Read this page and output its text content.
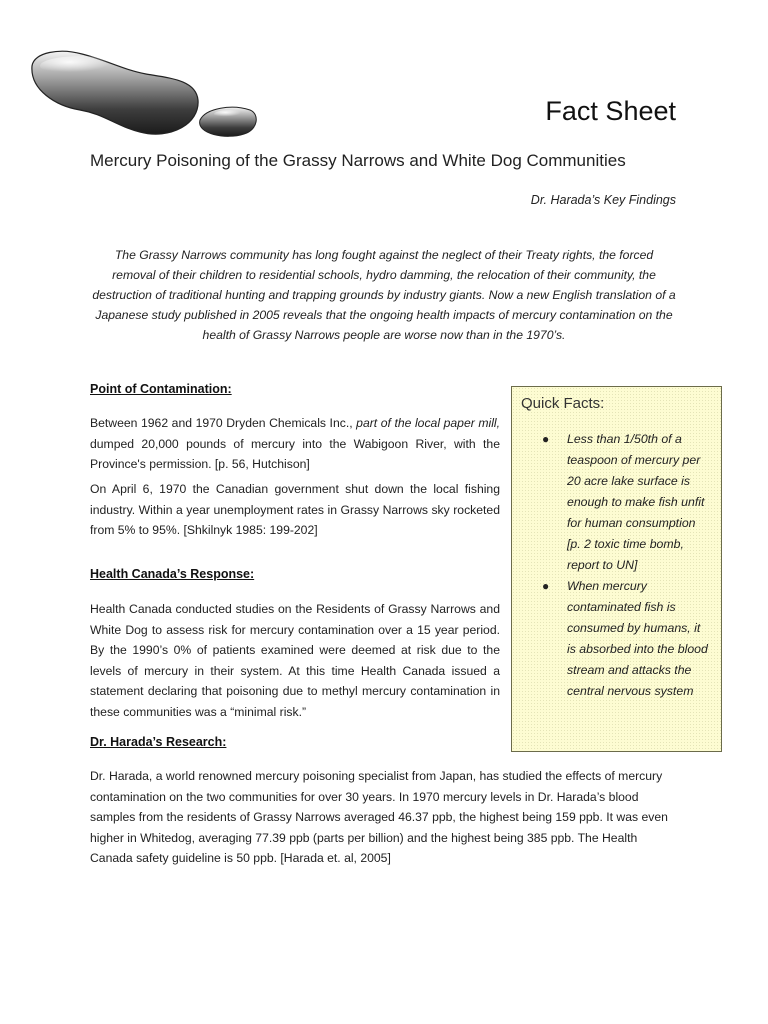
Fact Sheet
Mercury Poisoning of the Grassy Narrows and White Dog Communities
Dr. Harada’s Key Findings

The Grassy Narrows community has long fought against the neglect of their Treaty rights, the forced removal of their children to residential schools, hydro damming, the relocation of their community, the destruction of traditional hunting and trapping grounds by industry giants. Now a new English translation of a Japanese study published in 2005 reveals that the ongoing health impacts of mercury contamination on the health of Grassy Narrows people are worse now than in the 1970’s.

Point of Contamination:

Between 1962 and 1970 Dryden Chemicals Inc., part of the local paper mill, dumped 20,000 pounds of mercury into the Wabigoon River, with the Province's permission. [p. 56, Hutchison]

On April 6, 1970 the Canadian government shut down the local fishing industry. Within a year unemployment rates in Grassy Narrows sky rocketed from 5% to 95%. [Shkilnyk 1985: 199-202]

Health Canada’s Response:

Health Canada conducted studies on the Residents of Grassy Narrows and White Dog to assess risk for mercury contamination over a 15 year period. By the 1990’s 0% of patients examined were deemed at risk due to the levels of mercury in their system. At this time Health Canada issued a statement declaring that poisoning due to methyl mercury contamination in these communities was a “minimal risk.”

Dr. Harada’s Research:

Dr. Harada, a world renowned mercury poisoning specialist from Japan, has studied the effects of mercury contamination on the two communities for over 30 years. In 1970 mercury levels in Dr. Harada’s blood samples from the residents of Grassy Narrows averaged 46.37 ppb, the highest being 159 ppb. It was even higher in Whitedog, averaging 77.39 ppb (parts per billion) and the highest being 385 ppb. The Health Canada safety guideline is 50 ppb. [Harada et. al, 2005]

Quick Facts:
● Less than 1/50th of a teaspoon of mercury per 20 acre lake surface is enough to make fish unfit for human consumption [p. 2 toxic time bomb, report to UN]
● When mercury contaminated fish is consumed by humans, it is absorbed into the blood stream and attacks the central nervous system
